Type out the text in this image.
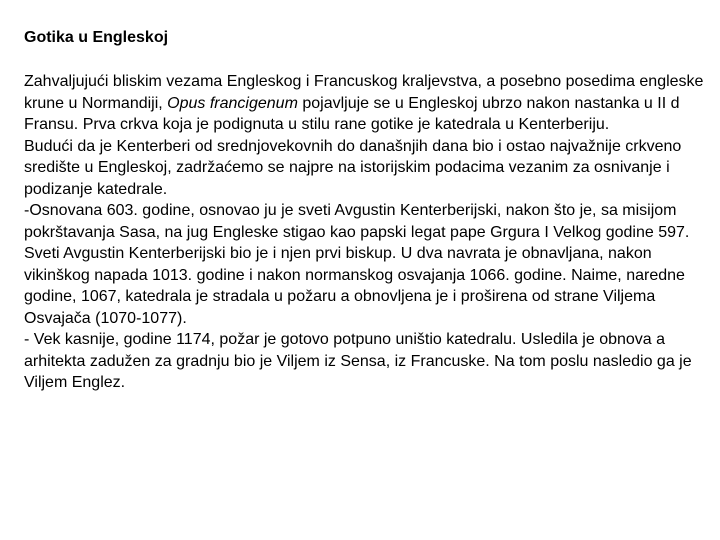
Gotika u Engleskoj

Zahvaljujući bliskim vezama Engleskog i Francuskog kraljevstva, a posebno posedima engleske krune u Normandiji, Opus francigenum pojavljuje se u Engleskoj ubrzo nakon nastanka u II d Fransu. Prva crkva koja je podignuta u stilu rane gotike je katedrala u Kenterberiju.

Budući da je Kenterberi od srednjovekovnih do današnjih dana bio i ostao najvažnije crkveno središte u Engleskoj, zadržaćemo se najpre na istorijskim podacima vezanim za osnivanje i podizanje katedrale.

-Osnovana 603. godine, osnovao ju je sveti Avgustin Kenterberijski, nakon što je, sa misijom pokrštavanja Sasa, na jug Engleske stigao kao papski legat pape Grgura I Velkog godine 597. Sveti Avgustin Kenterberijski bio je i njen prvi biskup. U dva navrata je obnavljana, nakon vikinškog napada 1013. godine i nakon normanskog osvajanja 1066. godine. Naime, naredne godine, 1067, katedrala je stradala u požaru a obnovljena je i proširena od strane Viljema Osvajača (1070-1077).

- Vek kasnije, godine 1174, požar je gotovo potpuno uništio katedralu. Usledila je obnova a arhitekta zadužen za gradnju bio je Viljem iz Sensa, iz Francuske. Na tom poslu nasledio ga je Viljem Englez.
